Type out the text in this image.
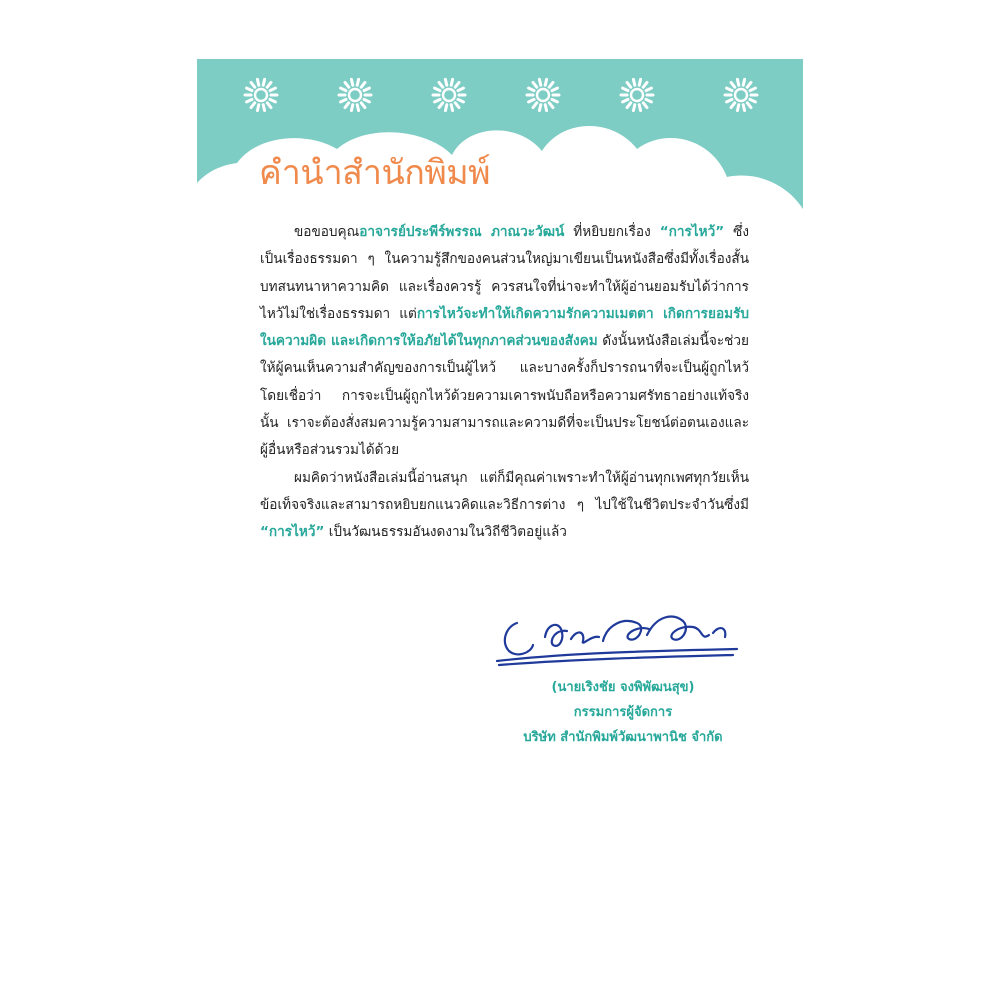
คำนำสำนักพิมพ์

ขอขอบคุณอาจารย์ประพีร์พรรณ ภาณวะวัฒน์ ที่หยิบยกเรื่อง “การไหว้” ซึ่งเป็นเรื่องธรรมดา ๆ ในความรู้สึกของคนส่วนใหญ่มาเขียนเป็นหนังสือซึ่งมีทั้งเรื่องสั้น บทสนทนาหาความคิด และเรื่องควรรู้ ควรสนใจที่น่าจะทำให้ผู้อ่านยอมรับได้ว่าการไหว้ไม่ใช่เรื่องธรรมดา แต่การไหว้จะทำให้เกิดความรักความเมตตา เกิดการยอมรับในความผิด และเกิดการให้อภัยได้ในทุกภาคส่วนของสังคม ดังนั้นหนังสือเล่มนี้จะช่วยให้ผู้คนเห็นความสำคัญของการเป็นผู้ไหว้ และบางครั้งก็ปรารถนาที่จะเป็นผู้ถูกไหว้โดยเชื่อว่า การจะเป็นผู้ถูกไหว้ด้วยความเคารพนับถือหรือความศรัทธาอย่างแท้จริงนั้น เราจะต้องสั่งสมความรู้ความสามารถและความดีที่จะเป็นประโยชน์ต่อตนเองและผู้อื่นหรือส่วนรวมได้ด้วย

ผมคิดว่าหนังสือเล่มนี้อ่านสนุก แต่ก็มีคุณค่าเพราะทำให้ผู้อ่านทุกเพศทุกวัยเห็นข้อเท็จจริงและสามารถหยิบยกแนวคิดและวิธีการต่าง ๆ ไปใช้ในชีวิตประจำวันซึ่งมี “การไหว้” เป็นวัฒนธรรมอันงดงามในวิถีชีวิตอยู่แล้ว

(นายเริงชัย จงพิพัฒนสุข)
กรรมการผู้จัดการ
บริษัท สำนักพิมพ์วัฒนาพานิช จำกัด
